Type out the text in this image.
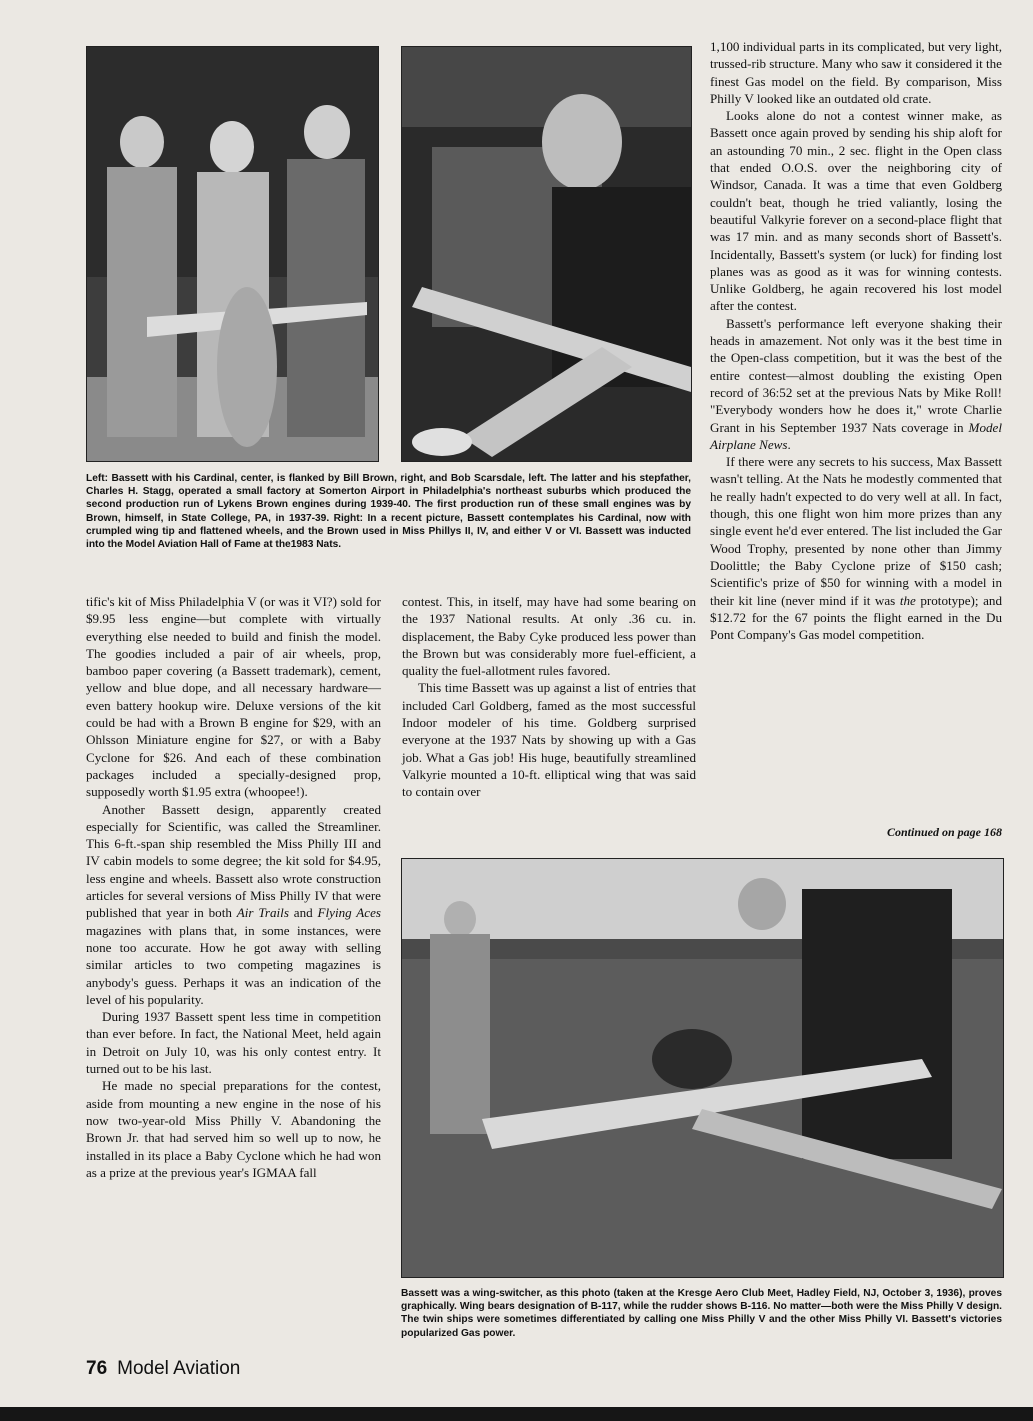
Left: Bassett with his Cardinal, center, is flanked by Bill Brown, right, and Bob Scarsdale, left. The latter and his stepfather, Charles H. Stagg, operated a small factory at Somerton Airport in Philadelphia's northeast suburbs which produced the second production run of Lykens Brown engines during 1939-40. The first production run of these small engines was by Brown, himself, in State College, PA, in 1937-39. Right: In a recent picture, Bassett contemplates his Cardinal, now with crumpled wing tip and flattened wheels, and the Brown used in Miss Phillys II, IV, and either V or VI. Bassett was inducted into the Model Aviation Hall of Fame at the1983 Nats.

1,100 individual parts in its complicated, but very light, trussed-rib structure. Many who saw it considered it the finest Gas model on the field. By comparison, Miss Philly V looked like an outdated old crate.

Looks alone do not a contest winner make, as Bassett once again proved by sending his ship aloft for an astounding 70 min., 2 sec. flight in the Open class that ended O.O.S. over the neighboring city of Windsor, Canada. It was a time that even Goldberg couldn't beat, though he tried valiantly, losing the beautiful Valkyrie forever on a second-place flight that was 17 min. and as many seconds short of Bassett's. Incidentally, Bassett's system (or luck) for finding lost planes was as good as it was for winning contests. Unlike Goldberg, he again recovered his lost model after the contest.

Bassett's performance left everyone shaking their heads in amazement. Not only was it the best time in the Open-class competition, but it was the best of the entire contest—almost doubling the existing Open record of 36:52 set at the previous Nats by Mike Roll! "Everybody wonders how he does it," wrote Charlie Grant in his September 1937 Nats coverage in Model Airplane News.

If there were any secrets to his success, Max Bassett wasn't telling. At the Nats he modestly commented that he really hadn't expected to do very well at all. In fact, though, this one flight won him more prizes than any single event he'd ever entered. The list included the Gar Wood Trophy, presented by none other than Jimmy Doolittle; the Baby Cyclone prize of $150 cash; Scientific's prize of $50 for winning with a model in their kit line (never mind if it was the prototype); and $12.72 for the 67 points the flight earned in the Du Pont Company's Gas model competition.

Continued on page 168

tific's kit of Miss Philadelphia V (or was it VI?) sold for $9.95 less engine—but complete with virtually everything else needed to build and finish the model. The goodies included a pair of air wheels, prop, bamboo paper covering (a Bassett trademark), cement, yellow and blue dope, and all necessary hardware—even battery hookup wire. Deluxe versions of the kit could be had with a Brown B engine for $29, with an Ohlsson Miniature engine for $27, or with a Baby Cyclone for $26. And each of these combination packages included a specially-designed prop, supposedly worth $1.95 extra (whoopee!).

Another Bassett design, apparently created especially for Scientific, was called the Streamliner. This 6-ft.-span ship resembled the Miss Philly III and IV cabin models to some degree; the kit sold for $4.95, less engine and wheels. Bassett also wrote construction articles for several versions of Miss Philly IV that were published that year in both Air Trails and Flying Aces magazines with plans that, in some instances, were none too accurate. How he got away with selling similar articles to two competing magazines is anybody's guess. Perhaps it was an indication of the level of his popularity.

During 1937 Bassett spent less time in competition than ever before. In fact, the National Meet, held again in Detroit on July 10, was his only contest entry. It turned out to be his last.

He made no special preparations for the contest, aside from mounting a new engine in the nose of his now two-year-old Miss Philly V. Abandoning the Brown Jr. that had served him so well up to now, he installed in its place a Baby Cyclone which he had won as a prize at the previous year's IGMAA fall

contest. This, in itself, may have had some bearing on the 1937 National results. At only .36 cu. in. displacement, the Baby Cyke produced less power than the Brown but was considerably more fuel-efficient, a quality the fuel-allotment rules favored.

This time Bassett was up against a list of entries that included Carl Goldberg, famed as the most successful Indoor modeler of his time. Goldberg surprised everyone at the 1937 Nats by showing up with a Gas job. What a Gas job! His huge, beautifully streamlined Valkyrie mounted a 10-ft. elliptical wing that was said to contain over

Bassett was a wing-switcher, as this photo (taken at the Kresge Aero Club Meet, Hadley Field, NJ, October 3, 1936), proves graphically. Wing bears designation of B-117, while the rudder shows B-116. No matter—both were the Miss Philly V design. The twin ships were sometimes differentiated by calling one Miss Philly V and the other Miss Philly VI. Bassett's victories popularized Gas power.

76 Model Aviation
